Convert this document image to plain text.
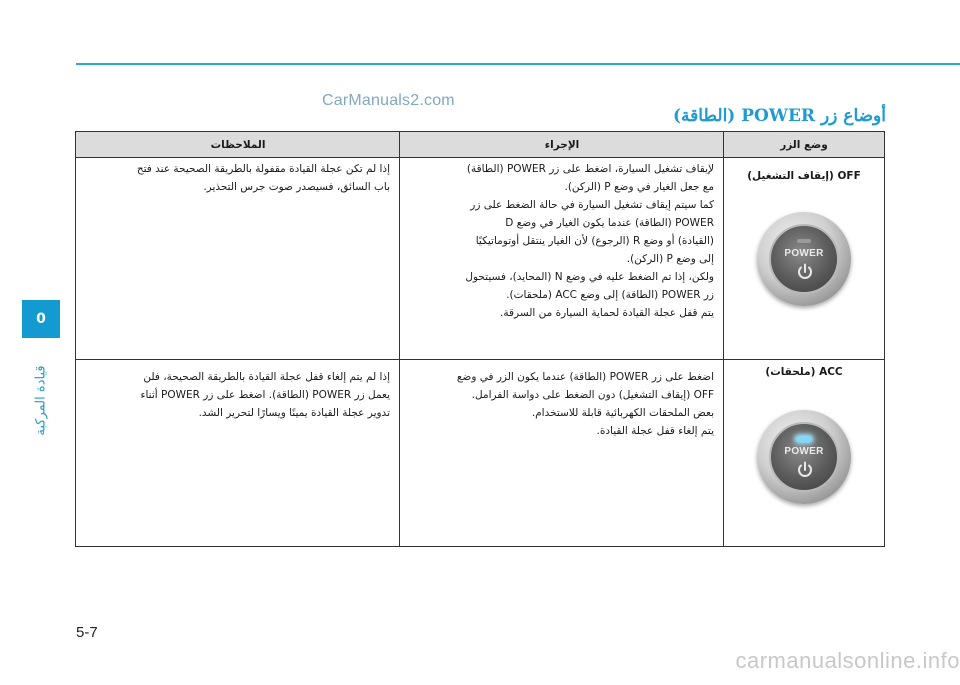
CarManuals2.com
أوضاع زر POWER (الطاقة)
0
قيادة المركبة
وضع الزر
الإجراء
الملاحظات
OFF (إيقاف التشغيل)
POWER

لإيقاف تشغيل السيارة، اضغط على زر POWER (الطاقة)

مع جعل الغيار في وضع P (الركن).

كما سيتم إيقاف تشغيل السيارة في حالة الضغط على زر

POWER (الطاقة) عندما يكون الغيار في وضع D

(القيادة) أو وضع R (الرجوع) لأن الغيار ينتقل أوتوماتيكيًا

إلى وضع P (الركن).

ولكن، إذا تم الضغط عليه في وضع N (المحايد)، فسيتحول

زر POWER (الطاقة) إلى وضع ACC (ملحقات).

يتم قفل عجلة القيادة لحماية السيارة من السرقة.

إذا لم تكن عجلة القيادة مقفولة بالطريقة الصحيحة عند فتح

باب السائق، فسيصدر صوت جرس التحذير.

ACC (ملحقات)
POWER

اضغط على زر POWER (الطاقة) عندما يكون الزر في وضع

OFF (إيقاف التشغيل) دون الضغط على دواسة الفرامل.

بعض الملحقات الكهربائية قابلة للاستخدام.

يتم إلغاء قفل عجلة القيادة.

إذا لم يتم إلغاء قفل عجلة القيادة بالطريقة الصحيحة، فلن

يعمل زر POWER (الطاقة). اضغط على زر POWER أثناء

تدوير عجلة القيادة يمينًا ويسارًا لتحرير الشد.

5-7
carmanualsonline.info
